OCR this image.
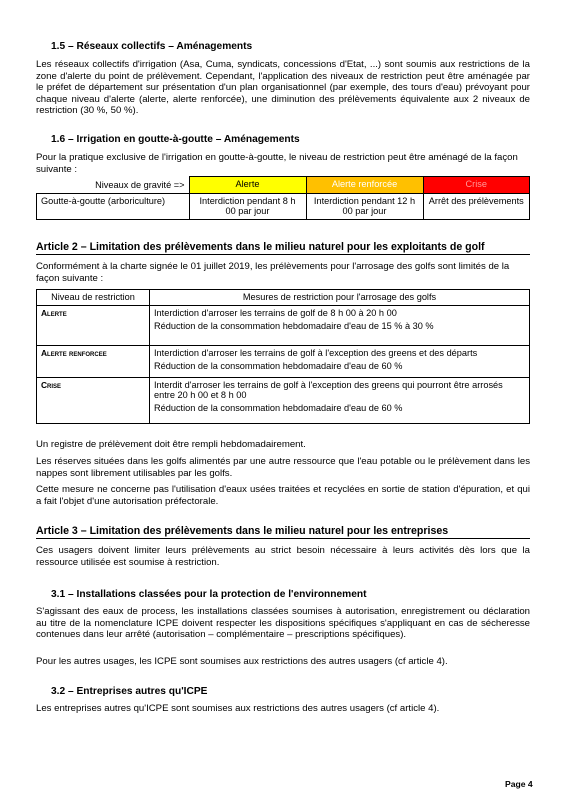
1.5 – Réseaux collectifs – Aménagements
Les réseaux collectifs d'irrigation (Asa, Cuma, syndicats, concessions d'Etat, ...) sont soumis aux restrictions de la zone d'alerte du point de prélèvement. Cependant, l'application des niveaux de restriction peut être aménagée par le préfet de département sur présentation d'un plan organisationnel (par exemple, des tours d'eau) prévoyant pour chaque niveau d'alerte (alerte, alerte renforcée), une diminution des prélèvements équivalente aux 2 niveaux de restriction (30 %, 50 %).
1.6 – Irrigation en goutte-à-goutte – Aménagements
Pour la pratique exclusive de l'irrigation en goutte-à-goutte, le niveau de restriction peut être aménagé de la façon suivante :
Niveaux de gravité =>	Alerte	Alerte renforcée	Crise
Goutte-à-goutte (arboriculture)	Interdiction pendant 8 h 00 par jour	Interdiction pendant 12 h 00 par jour	Arrêt des prélèvements
Article 2 – Limitation des prélèvements dans le milieu naturel pour les exploitants de golf
Conformément à la charte signée le 01 juillet 2019, les prélèvements pour l'arrosage des golfs sont limités de la façon suivante :
Niveau de restriction	Mesures de restriction pour l'arrosage des golfs
Alerte	Interdiction d'arroser les terrains de golf de 8 h 00 à 20 h 00
Réduction de la consommation hebdomadaire d'eau de 15 % à 30 %

Alerte renforcee	Interdiction d'arroser les terrains de golf à l'exception des greens et des départs
Réduction de la consommation hebdomadaire d'eau de 60 %

Crise	Interdit d'arroser les terrains de golf à l'exception des greens qui pourront être arrosés entre 20 h 00 et 8 h 00
Réduction de la consommation hebdomadaire d'eau de 60 %
Un registre de prélèvement doit être rempli hebdomadairement.
Les réserves situées dans les golfs alimentés par une autre ressource que l'eau potable ou le prélèvement dans les nappes sont librement utilisables par les golfs.
Cette mesure ne concerne pas l'utilisation d'eaux usées traitées et recyclées en sortie de station d'épuration, et qui a fait l'objet d'une autorisation préfectorale.
Article 3 – Limitation des prélèvements dans le milieu naturel pour les entreprises
Ces usagers doivent limiter leurs prélèvements au strict besoin nécessaire à leurs activités dès lors que la ressource utilisée est soumise à restriction.
3.1 – Installations classées pour la protection de l'environnement
S'agissant des eaux de process, les installations classées soumises à autorisation, enregistrement ou déclaration au titre de la nomenclature ICPE doivent respecter les dispositions spécifiques s'appliquant en cas de sécheresse contenues dans leur arrêté (autorisation – complémentaire – prescriptions spécifiques).
Pour les autres usages, les ICPE sont soumises aux restrictions des autres usagers (cf article 4).
3.2 – Entreprises autres qu'ICPE
Les entreprises autres qu'ICPE sont soumises aux restrictions des autres usagers (cf article 4).
Page 4
